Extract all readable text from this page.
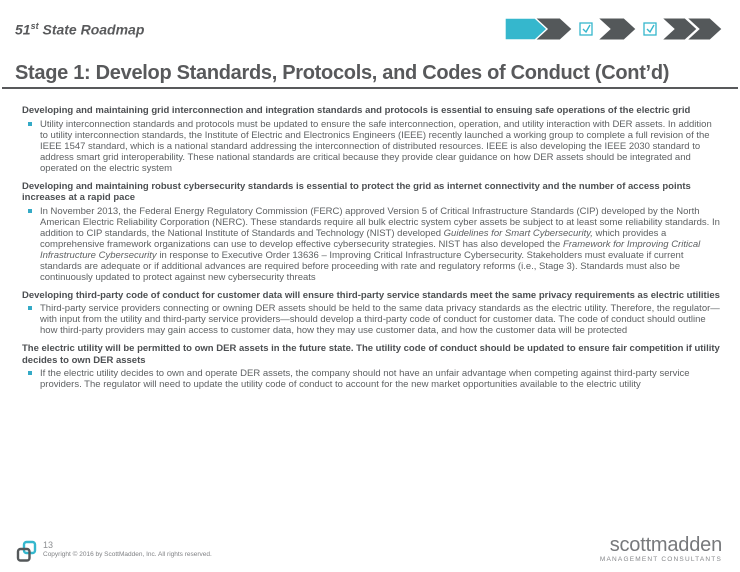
51st State Roadmap
Stage 1: Develop Standards, Protocols, and Codes of Conduct (Cont’d)
Developing and maintaining grid interconnection and integration standards and protocols is essential to ensuing safe operations of the electric grid
Utility interconnection standards and protocols must be updated to ensure the safe interconnection, operation, and utility interaction with DER assets. In addition to utility interconnection standards, the Institute of Electric and Electronics Engineers (IEEE) recently launched a working group to complete a full revision of the IEEE 1547 standard, which is a national standard addressing the interconnection of distributed resources. IEEE is also developing the IEEE 2030 standard to address smart grid interoperability. These national standards are critical because they provide clear guidance on how DER assets should be integrated and operated on the electric system
Developing and maintaining robust cybersecurity standards is essential to protect the grid as internet connectivity and the number of access points increases at a rapid pace
In November 2013, the Federal Energy Regulatory Commission (FERC) approved Version 5 of Critical Infrastructure Standards (CIP) developed by the North American Electric Reliability Corporation (NERC). These standards require all bulk electric system cyber assets be subject to at least some reliability standards. In addition to CIP standards, the National Institute of Standards and Technology (NIST) developed Guidelines for Smart Cybersecurity, which provides a comprehensive framework organizations can use to develop effective cybersecurity strategies. NIST has also developed the Framework for Improving Critical Infrastructure Cybersecurity in response to Executive Order 13636 – Improving Critical Infrastructure Cybersecurity. Stakeholders must evaluate if current standards are adequate or if additional advances are required before proceeding with rate and regulatory reforms (i.e., Stage 3). Standards must also be continuously updated to protect against new cybersecurity threats
Developing third-party code of conduct for customer data will ensure third-party service standards meet the same privacy requirements as electric utilities
Third-party service providers connecting or owning DER assets should be held to the same data privacy standards as the electric utility. Therefore, the regulator—with input from the utility and third-party service providers—should develop a third-party code of conduct for customer data. The code of conduct should outline how third-party providers may gain access to customer data, how they may use customer data, and how the customer data will be protected
The electric utility will be permitted to own DER assets in the future state. The utility code of conduct should be updated to ensure fair competition if utility decides to own DER assets
If the electric utility decides to own and operate DER assets, the company should not have an unfair advantage when competing against third-party service providers. The regulator will need to update the utility code of conduct to account for the new market opportunities available to the electric utility
13
Copyright © 2016 by ScottMadden, Inc. All rights reserved.	scottmadden
MANAGEMENT CONSULTANTS
